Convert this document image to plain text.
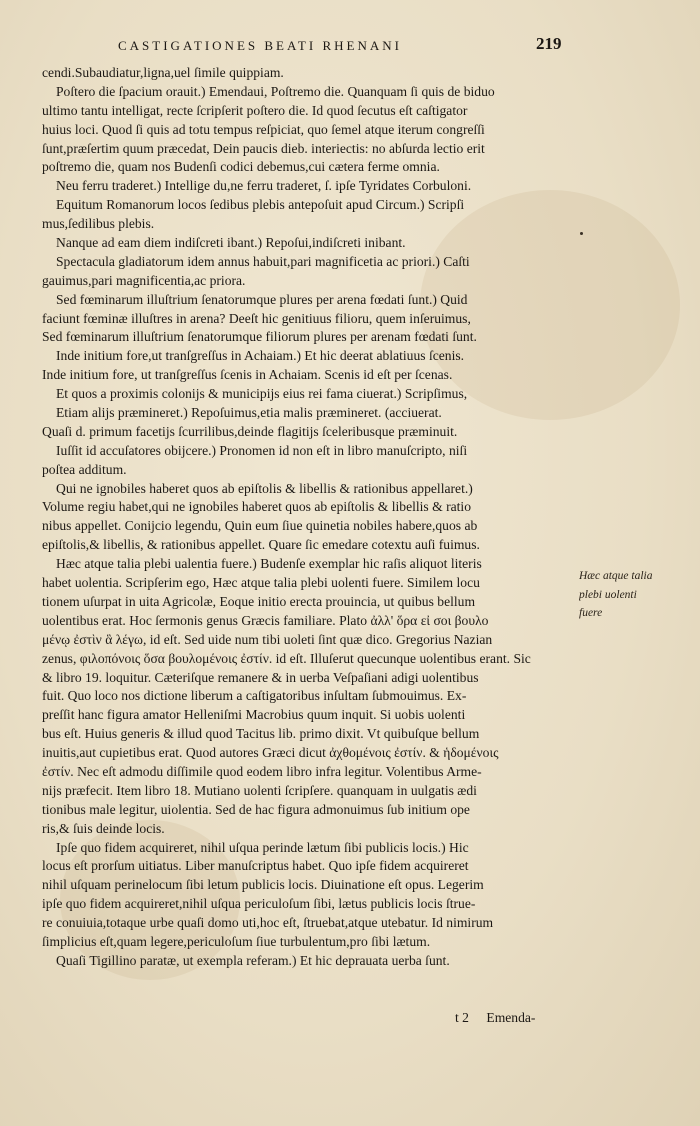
CASTIGATIONES BEATI RHENANI	219
cendi.Subaudiatur,ligna,uel ſimile quippiam.
Poſtero die ſpacium orauit.) Emendaui, Poſtremo die. Quanquam ſi quis de biduo
ultimo tantu intelligat, recte ſcripſerit poſtero die. Id quod ſecutus eſt caſtigator
huius loci. Quod ſi quis ad totu tempus reſpiciat, quo ſemel atque iterum congreſſi
ſunt,præſertim quum præcedat, Dein paucis dieb. interiectis: no abſurda lectio erit
poſtremo die, quam nos Budenſi codici debemus,cui cætera ferme omnia.
Neu ferru traderet.) Intellige du,ne ferru traderet, ſ. ipſe Tyridates Corbuloni.
Equitum Romanorum locos ſedibus plebis antepoſuit apud Circum.) Scripſi
mus,ſedilibus plebis.
Nanque ad eam diem indiſcreti ibant.) Repoſui,indiſcreti inibant.
Spectacula gladiatorum idem annus habuit,pari magnificetia ac priori.) Caſti
gauimus,pari magnificentia,ac priora.
Sed fœminarum illuſtrium ſenatorumque plures per arena fœdati ſunt.) Quid
faciunt fœminæ illuſtres in arena? Deeſt hic genitiuus filioru, quem inſeruimus,
Sed fœminarum illuſtrium ſenatorumque filiorum plures per arenam fœdati ſunt.
Inde initium fore,ut tranſgreſſus in Achaiam.) Et hic deerat ablatiuus ſcenis.
Inde initium fore, ut tranſgreſſus ſcenis in Achaiam. Scenis id eſt per ſcenas.
Et quos a proximis colonijs & municipijs eius rei fama ciuerat.) Scripſimus,
Etiam alijs præmineret.) Repoſuimus,etia malis præmineret. (acciuerat.
Quaſi d. primum facetijs ſcurrilibus,deinde flagitijs ſceleribusque præminuit.
Iuſſit id accuſatores obijcere.) Pronomen id non eſt in libro manuſcripto, niſi
poſtea additum.
Qui ne ignobiles haberet quos ab epiſtolis & libellis & rationibus appellaret.)
Volume regiu habet,qui ne ignobiles haberet quos ab epiſtolis & libellis & ratio
nibus appellet. Conijcio legendu, Quin eum ſiue quinetia nobiles habere,quos ab
epiſtolis,& libellis, & rationibus appellet. Quare ſic emedare cotextu auſi fuimus.
Hæc atque talia plebi ualentia fuere.) Budenſe exemplar hic raſis aliquot literis
habet uolentia. Scripſerim ego, Hæc atque talia plebi uolenti fuere. Similem locu
tionem uſurpat in uita Agricolæ, Eoque initio erecta prouincia, ut quibus bellum
uolentibus erat. Hoc ſermonis genus Græcis familiare. Plato ἀλλ' ὅρα εἰ σοι βουλο
μένῳ ἐστὶν ἃ λέγω, id eſt. Sed uide num tibi uoleti ſint quæ dico. Gregorius Nazian
zenus, φιλοπόνοις ὅσα βουλομένοις ἐστίν. id eſt. Illuſerut quecunque uolentibus erant. Sic
& libro 19. loquitur. Cæteriſque remanere & in uerba Veſpaſiani adigi uolentibus
fuit. Quo loco nos dictione liberum a caſtigatoribus inſultam ſubmouimus. Ex-
preſſit hanc figura amator Helleniſmi Macrobius quum inquit. Si uobis uolenti
bus eſt. Huius generis & illud quod Tacitus lib. primo dixit. Vt quibuſque bellum
inuitis,aut cupietibus erat. Quod autores Græci dicut ἀχθομένοις ἐστίν. & ἡδομένοις
ἐστίν. Nec eſt admodu diſſimile quod eodem libro infra legitur. Volentibus Arme-
nijs præfecit. Item libro 18. Mutiano uolenti ſcripſere. quanquam in uulgatis ædi
tionibus male legitur, uiolentia. Sed de hac figura admonuimus ſub initium ope
ris,& ſuis deinde locis.
Ipſe quo fidem acquireret, nihil uſqua perinde lætum ſibi publicis locis.) Hic
locus eſt prorſum uitiatus. Liber manuſcriptus habet. Quo ipſe fidem acquireret
nihil uſquam perinelocum ſibi letum publicis locis. Diuinatione eſt opus. Legerim
ipſe quo fidem acquireret,nihil uſqua periculoſum ſibi, lætus publicis locis ſtrue-
re conuiuia,totaque urbe quaſi domo uti,hoc eſt, ſtruebat,atque utebatur. Id nimirum
ſimplicius eſt,quam legere,periculoſum ſiue turbulentum,pro ſibi lætum.
Quaſi Tigillino paratæ, ut exempla referam.) Et hic deprauata uerba ſunt.
Hæc atque talia
plebi uolenti
fuere
t 2 Emenda-
